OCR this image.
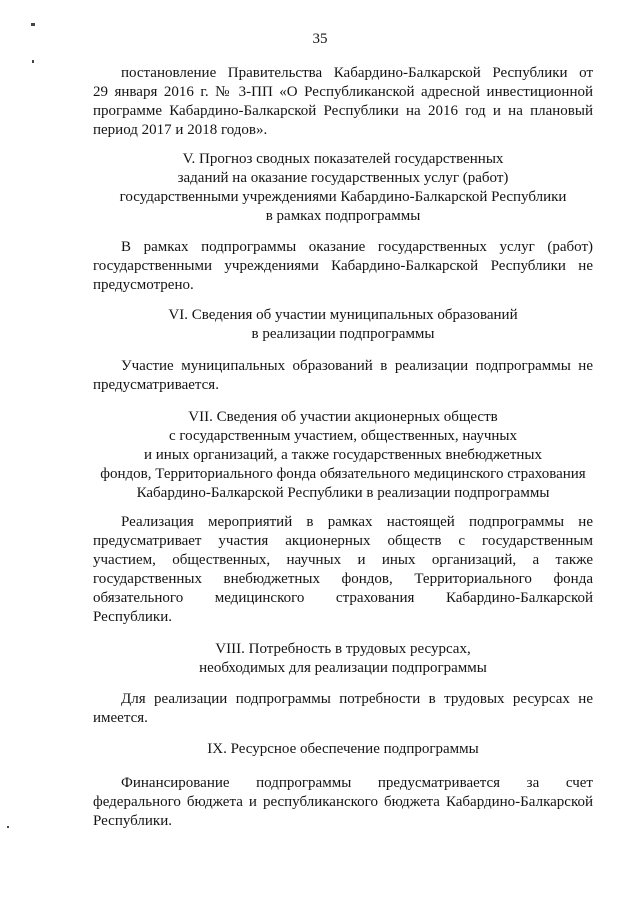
35
постановление Правительства Кабардино-Балкарской Республики от
29 января 2016 г. № 3-ПП «О Республиканской адресной инвестиционной
программе Кабардино-Балкарской Республики на 2016 год и на плановый
период 2017 и 2018 годов».
V. Прогноз сводных показателей государственных
заданий на оказание государственных услуг (работ)
государственными учреждениями Кабардино-Балкарской Республики
в рамках подпрограммы
В рамках подпрограммы оказание государственных услуг (работ)
государственными учреждениями Кабардино-Балкарской Республики не
предусмотрено.
VI. Сведения об участии муниципальных образований
в реализации подпрограммы
Участие муниципальных образований в реализации подпрограммы не
предусматривается.
VII. Сведения об участии акционерных обществ
с государственным участием, общественных, научных
и иных организаций, а также государственных внебюджетных
фондов, Территориального фонда обязательного медицинского страхования
Кабардино-Балкарской Республики в реализации подпрограммы
Реализация мероприятий в рамках настоящей подпрограммы не
предусматривает участия акционерных обществ с государственным
участием, общественных, научных и иных организаций, а также
государственных внебюджетных фондов, Территориального фонда
обязательного медицинского страхования Кабардино-Балкарской
Республики.
VIII. Потребность в трудовых ресурсах,
необходимых для реализации подпрограммы
Для реализации подпрограммы потребности в трудовых ресурсах не
имеется.
IX. Ресурсное обеспечение подпрограммы
Финансирование подпрограммы предусматривается за счет
федерального бюджета и республиканского бюджета Кабардино-Балкарской
Республики.
